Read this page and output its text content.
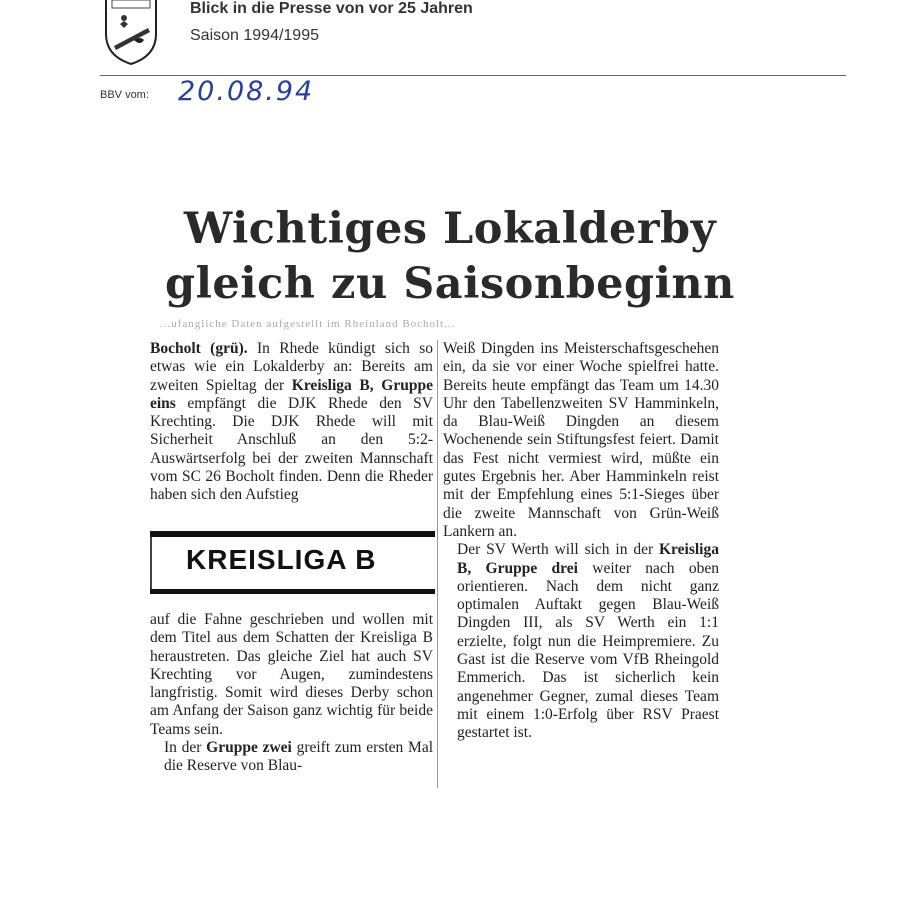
Blick in die Presse von vor 25 Jahren
Saison 1994/1995
BBV vom: 20.08.94
Wichtiges Lokalderby
gleich zu Saisonbeginn
...ufangliche Daten aufgestellt im Rheinland Bocholt...

Bocholt (grü). In Rhede kündigt sich so etwas wie ein Lokalderby an: Bereits am zweiten Spieltag der Kreisliga B, Gruppe eins empfängt die DJK Rhede den SV Krechting. Die DJK Rhede will mit Sicherheit Anschluß an den 5:2-Auswärtserfolg bei der zweiten Mannschaft vom SC 26 Bocholt finden. Denn die Rheder haben sich den Aufstieg

KREISLIGA B

auf die Fahne geschrieben und wollen mit dem Titel aus dem Schatten der Kreisliga B heraustreten. Das gleiche Ziel hat auch SV Krechting vor Augen, zumindestens langfristig. Somit wird dieses Derby schon am Anfang der Saison ganz wichtig für beide Teams sein.

In der Gruppe zwei greift zum ersten Mal die Reserve von Blau-

Weiß Dingden ins Meisterschaftsgeschehen ein, da sie vor einer Woche spielfrei hatte. Bereits heute empfängt das Team um 14.30 Uhr den Tabellenzweiten SV Hamminkeln, da Blau-Weiß Dingden an diesem Wochenende sein Stiftungsfest feiert. Damit das Fest nicht vermiest wird, müßte ein gutes Ergebnis her. Aber Hamminkeln reist mit der Empfehlung eines 5:1-Sieges über die zweite Mannschaft von Grün-Weiß Lankern an.

Der SV Werth will sich in der Kreisliga B, Gruppe drei weiter nach oben orientieren. Nach dem nicht ganz optimalen Auftakt gegen Blau-Weiß Dingden III, als SV Werth ein 1:1 erzielte, folgt nun die Heimpremiere. Zu Gast ist die Reserve vom VfB Rheingold Emmerich. Das ist sicherlich kein angenehmer Gegner, zumal dieses Team mit einem 1:0-Erfolg über RSV Praest gestartet ist.
